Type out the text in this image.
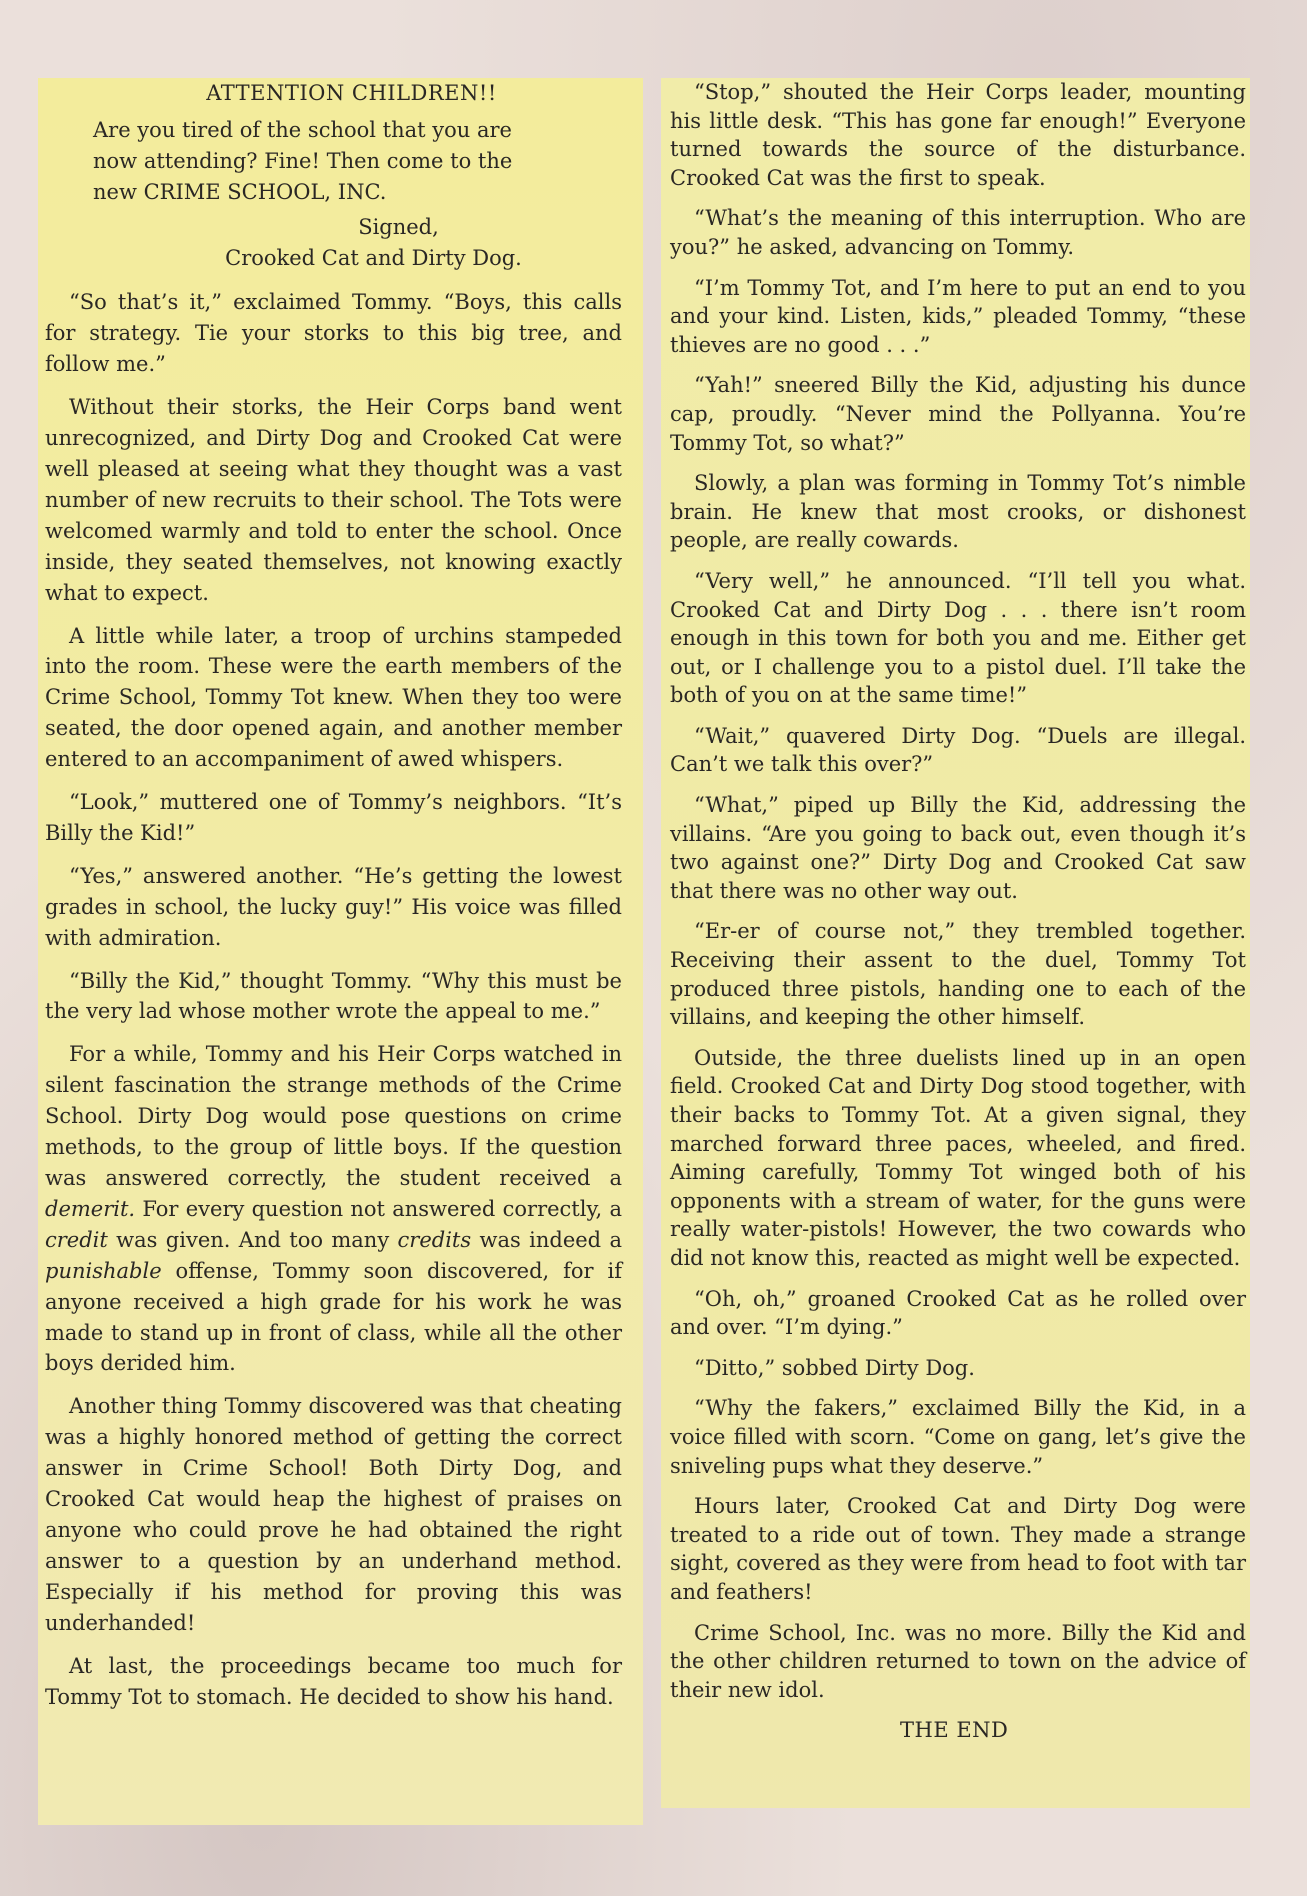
ATTENTION CHILDREN!!

Are you tired of the school that you are now attending? Fine! Then come to the new CRIME SCHOOL, INC.

Signed,

Crooked Cat and Dirty Dog.

“So that’s it,” exclaimed Tommy. “Boys, this calls for strategy. Tie your storks to this big tree, and follow me.”

Without their storks, the Heir Corps band went unrecognized, and Dirty Dog and Crooked Cat were well pleased at seeing what they thought was a vast number of new recruits to their school. The Tots were welcomed warmly and told to enter the school. Once inside, they seated themselves, not knowing exactly what to expect.

A little while later, a troop of urchins stampeded into the room. These were the earth members of the Crime School, Tommy Tot knew. When they too were seated, the door opened again, and another member entered to an accompaniment of awed whispers.

“Look,” muttered one of Tommy’s neighbors. “It’s Billy the Kid!”

“Yes,” answered another. “He’s getting the lowest grades in school, the lucky guy!” His voice was filled with admiration.

“Billy the Kid,” thought Tommy. “Why this must be the very lad whose mother wrote the appeal to me.”

For a while, Tommy and his Heir Corps watched in silent fascination the strange methods of the Crime School. Dirty Dog would pose questions on crime methods, to the group of little boys. If the question was answered correctly, the student received a demerit. For every question not answered correctly, a credit was given. And too many credits was indeed a punishable offense, Tommy soon discovered, for if anyone received a high grade for his work he was made to stand up in front of class, while all the other boys derided him.

Another thing Tommy discovered was that cheating was a highly honored method of getting the correct answer in Crime School! Both Dirty Dog, and Crooked Cat would heap the highest of praises on anyone who could prove he had obtained the right answer to a question by an underhand method. Especially if his method for proving this was underhanded!

At last, the proceedings became too much for Tommy Tot to stomach. He decided to show his hand.

“Stop,” shouted the Heir Corps leader, mounting his little desk. “This has gone far enough!” Everyone turned towards the source of the disturbance. Crooked Cat was the first to speak.

“What’s the meaning of this interruption. Who are you?” he asked, advancing on Tommy.

“I’m Tommy Tot, and I’m here to put an end to you and your kind. Listen, kids,” pleaded Tommy, “these thieves are no good . . .”

“Yah!” sneered Billy the Kid, adjusting his dunce cap, proudly. “Never mind the Pollyanna. You’re Tommy Tot, so what?”

Slowly, a plan was forming in Tommy Tot’s nimble brain. He knew that most crooks, or dishonest people, are really cowards.

“Very well,” he announced. “I’ll tell you what. Crooked Cat and Dirty Dog . . . there isn’t room enough in this town for both you and me. Either get out, or I challenge you to a pistol duel. I’ll take the both of you on at the same time!”

“Wait,” quavered Dirty Dog. “Duels are illegal. Can’t we talk this over?”

“What,” piped up Billy the Kid, addressing the villains. “Are you going to back out, even though it’s two against one?” Dirty Dog and Crooked Cat saw that there was no other way out.

“Er-er of course not,” they trembled together. Receiving their assent to the duel, Tommy Tot produced three pistols, handing one to each of the villains, and keeping the other himself.

Outside, the three duelists lined up in an open field. Crooked Cat and Dirty Dog stood together, with their backs to Tommy Tot. At a given signal, they marched forward three paces, wheeled, and fired. Aiming carefully, Tommy Tot winged both of his opponents with a stream of water, for the guns were really water-pistols! However, the two cowards who did not know this, reacted as might well be expected.

“Oh, oh,” groaned Crooked Cat as he rolled over and over. “I’m dying.”

“Ditto,” sobbed Dirty Dog.

“Why the fakers,” exclaimed Billy the Kid, in a voice filled with scorn. “Come on gang, let’s give the sniveling pups what they deserve.”

Hours later, Crooked Cat and Dirty Dog were treated to a ride out of town. They made a strange sight, covered as they were from head to foot with tar and feathers!

Crime School, Inc. was no more. Billy the Kid and the other children returned to town on the advice of their new idol.

THE END
